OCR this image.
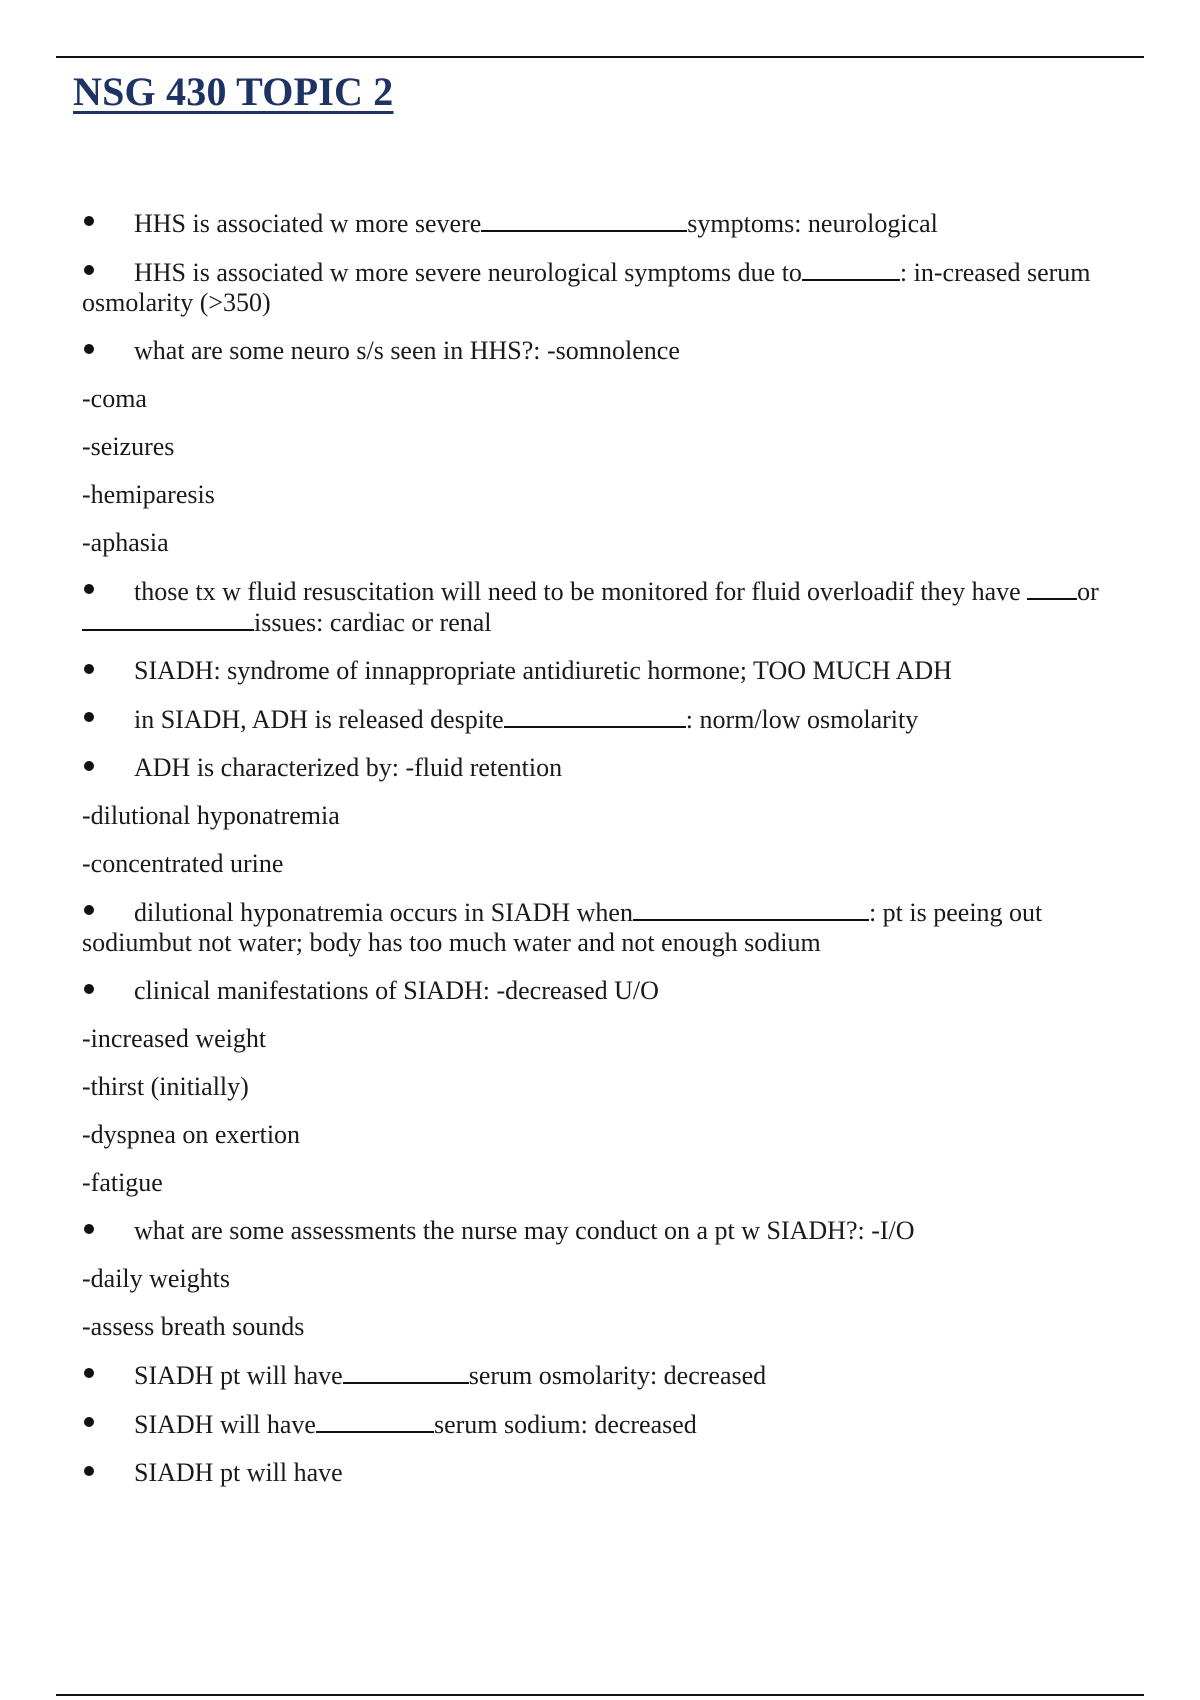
NSG 430 TOPIC 2
HHS is associated w more severe	symptoms: neurological
HHS is associated w more severe neurological symptoms due to	: in-creased serum osmolarity (>350)
what are some neuro s/s seen in HHS?: -somnolence
-coma
-seizures
-hemiparesis
-aphasia
those tx w fluid resuscitation will need to be monitored for fluid overloadif they have orissues: cardiac or renal
SIADH: syndrome of innappropriate antidiuretic hormone; TOO MUCH ADH
in SIADH, ADH is released despite	: norm/low osmolarity
ADH is characterized by: -fluid retention
-dilutional hyponatremia
-concentrated urine
dilutional hyponatremia occurs in SIADH when	: pt is peeing out sodiumbut not water; body has too much water and not enough sodium
clinical manifestations of SIADH: -decreased U/O
-increased weight
-thirst (initially)
-dyspnea on exertion
-fatigue
what are some assessments the nurse may conduct on a pt w SIADH?: -I/O
-daily weights
-assess breath sounds
SIADH pt will have	serum osmolarity: decreased
SIADH will have	serum sodium: decreased
SIADH pt will have
